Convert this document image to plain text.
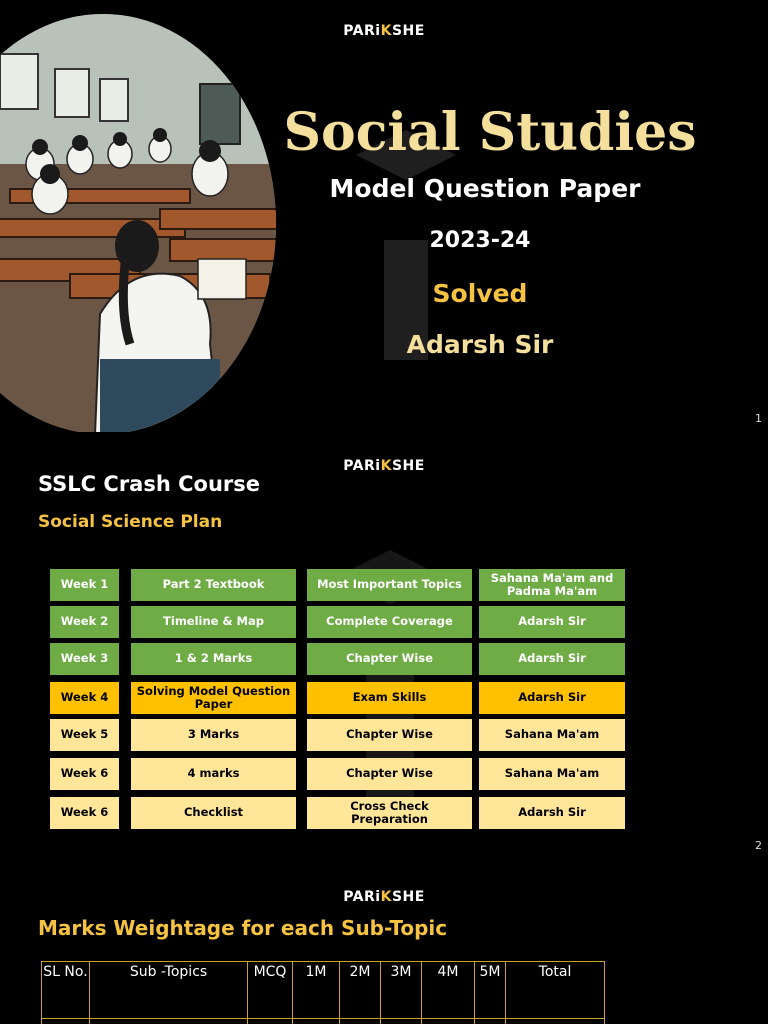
PARiKSHE
Social Studies
Model Question Paper
2023-24
Solved
Adarsh Sir
1
PARiKSHE
SSLC Crash Course
Social Science Plan
Week 1	Part 2 Textbook	Most Important Topics	Sahana Ma'am and Padma Ma'am
Week 2	Timeline & Map	Complete Coverage	Adarsh Sir
Week 3	1 & 2 Marks	Chapter Wise	Adarsh Sir
Week 4	Solving Model Question Paper	Exam Skills	Adarsh Sir
Week 5	3 Marks	Chapter Wise	Sahana Ma'am
Week 6	4 marks	Chapter Wise	Sahana Ma'am
Week 6	Checklist	Cross Check Preparation	Adarsh Sir
2
PARiKSHE
Marks Weightage for each Sub-Topic
SL No.	Sub -Topics	MCQ	1M	2M	3M	4M	5M	Total
